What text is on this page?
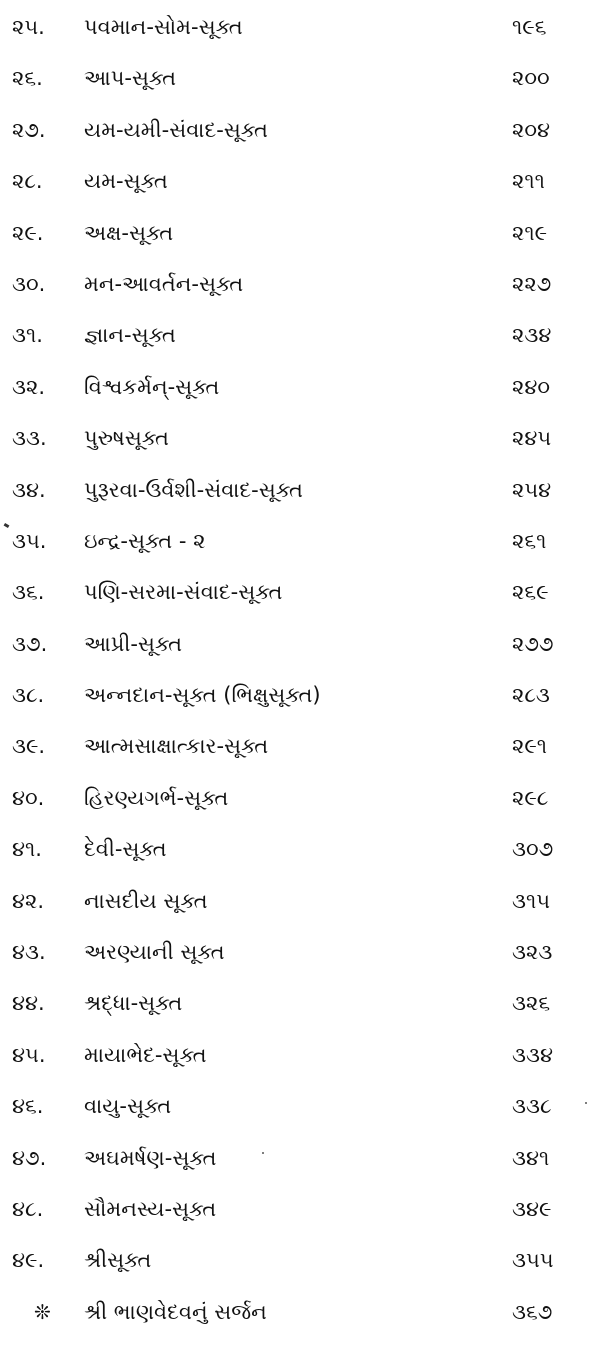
૨૫. પવમાન-સોમ-સૂક્ત	૧૯૬
૨૬. આપ-સૂક્ત	૨૦૦
૨૭. યમ-યમી-સંવાદ-સૂક્ત	૨૦૪
૨૮. યમ-સૂક્ત	૨૧૧
૨૯. અક્ષ-સૂક્ત	૨૧૯
૩૦. મન-આવર્તન-સૂક્ત	૨૨૭
૩૧. જ્ઞાન-સૂક્ત	૨૩૪
૩૨. વિશ્વકર્મન્-સૂક્ત	૨૪૦
૩૩. પુરુષસૂક્ત	૨૪૫
૩૪. પુરૂરવા-ઉર્વશી-સંવાદ-સૂક્ત	૨૫૪
૩૫. ઇન્દ્ર-સૂક્ત - ૨	૨૬૧
૩૬. પણિ-સરમા-સંવાદ-સૂક્ત	૨૬૯
૩૭. આપ્રી-સૂક્ત	૨૭૭
૩૮. અન્નદાન-સૂક્ત (ભિક્ષુસૂક્ત)	૨૮૩
૩૯. આત્મસાક્ષાત્કાર-સૂક્ત	૨૯૧
૪૦. હિરણ્યગર્ભ-સૂક્ત	૨૯૮
૪૧. દેવી-સૂક્ત	૩૦૭
૪૨. નાસદીય સૂક્ત	૩૧૫
૪૩. અરણ્યાની સૂક્ત	૩૨૩
૪૪. શ્રદ્ધા-સૂક્ત	૩૨૬
૪૫. માયાભેદ-સૂક્ત	૩૩૪
૪૬. વાયુ-સૂક્ત	૩૩૮
૪૭. અઘમર્ષણ-સૂક્ત	૩૪૧
૪૮. સૌમનસ્ય-સૂક્ત	૩૪૯
૪૯. શ્રીસૂક્ત	૩૫૫
❊ શ્રી ભાણવેદવનું સર્જન	૩૬૭
